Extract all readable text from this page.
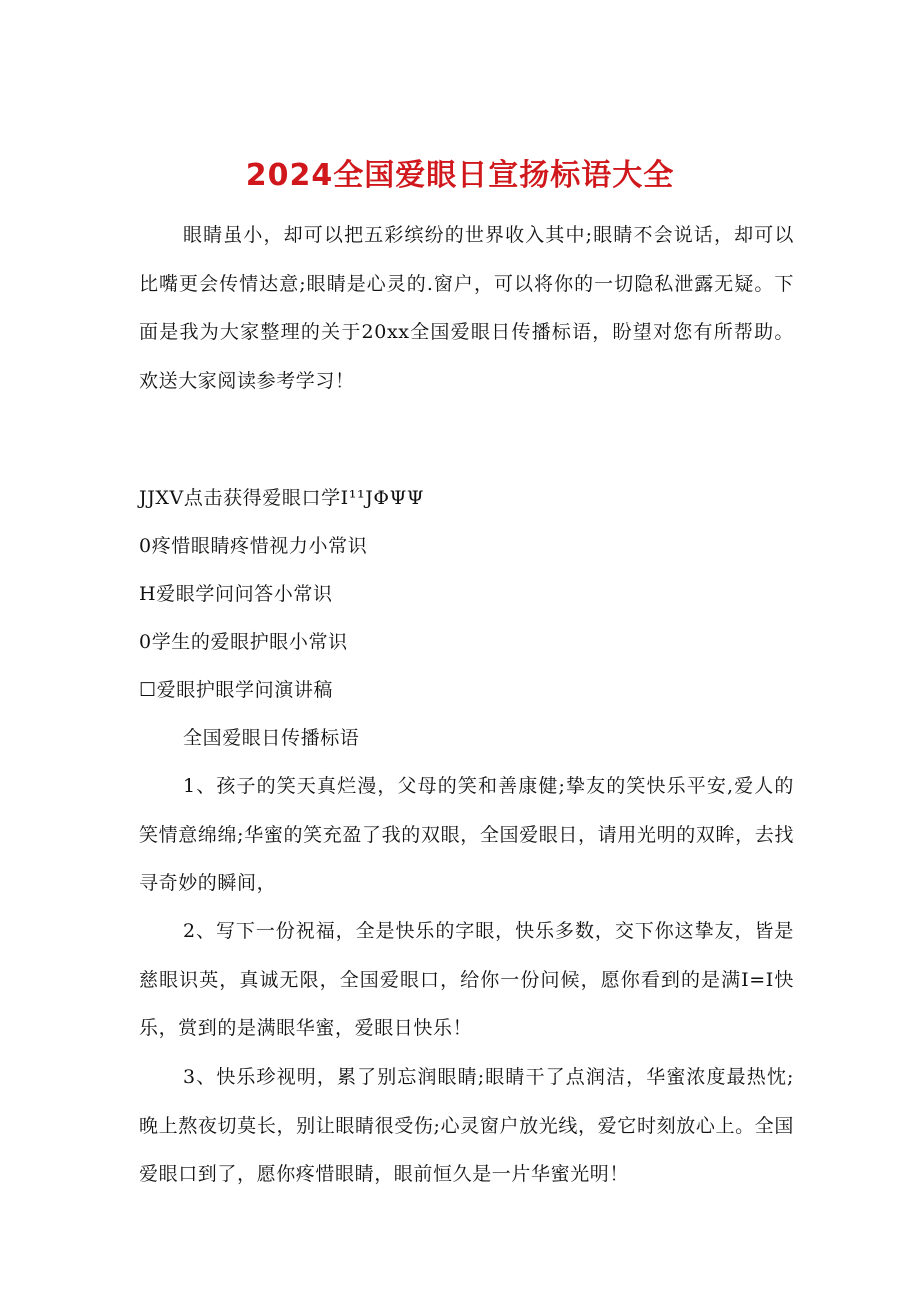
2024全国爱眼日宣扬标语大全

眼睛虽小，却可以把五彩缤纷的世界收入其中;眼睛不会说话，却可以比嘴更会传情达意;眼睛是心灵的.窗户，可以将你的一切隐私泄露无疑。下面是我为大家整理的关于20xx全国爱眼日传播标语，盼望对您有所帮助。欢送大家阅读参考学习！

JJXV点击获得爱眼口学I¹¹JΦΨΨ

0疼惜眼睛疼惜视力小常识

H爱眼学问问答小常识

0学生的爱眼护眼小常识

☐爱眼护眼学问演讲稿

全国爱眼日传播标语

1、孩子的笑天真烂漫，父母的笑和善康健;挚友的笑快乐平安,爱人的笑情意绵绵;华蜜的笑充盈了我的双眼，全国爱眼日，请用光明的双眸，去找寻奇妙的瞬间，

2、写下一份祝福，全是快乐的字眼，快乐多数，交下你这挚友，皆是慈眼识英，真诚无限，全国爱眼口，给你一份问候，愿你看到的是满I=I快乐，赏到的是满眼华蜜，爱眼日快乐！

3、快乐珍视明，累了别忘润眼睛;眼睛干了点润洁，华蜜浓度最热忱;晚上熬夜切莫长，别让眼睛很受伤;心灵窗户放光线，爱它时刻放心上。全国爱眼口到了，愿你疼惜眼睛，眼前恒久是一片华蜜光明！
